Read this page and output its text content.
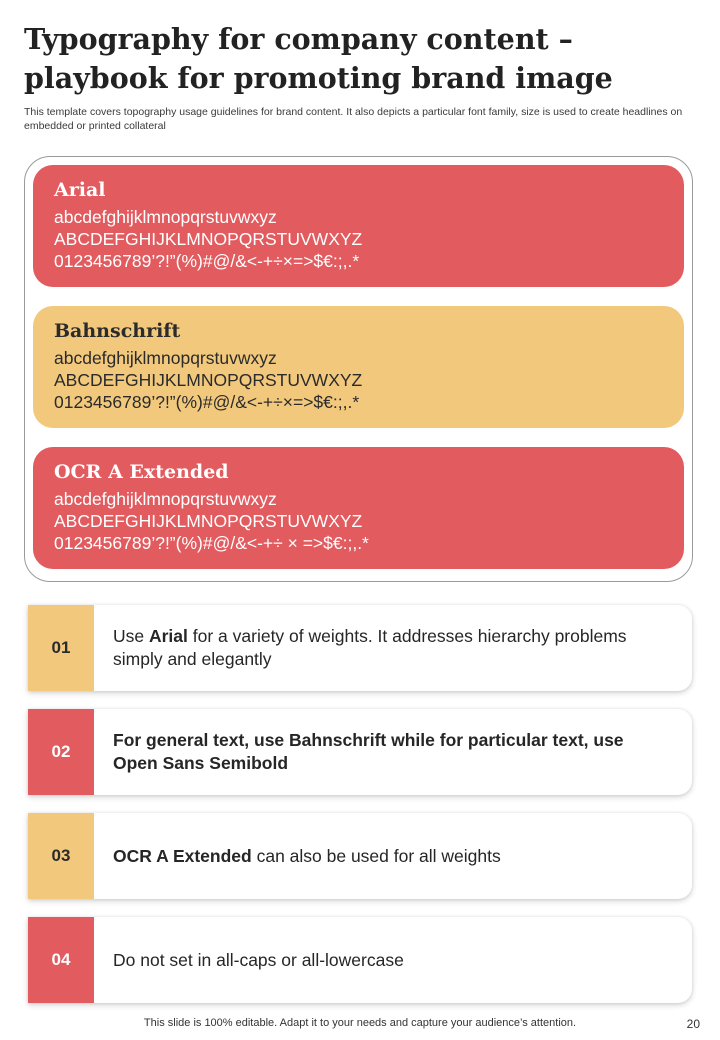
Typography for company content –playbook for promoting brand image

This template covers topography usage guidelines for brand content. It also depicts a particular font family, size is used to create headlines on embedded or printed collateral

Arial
abcdefghijklmnopqrstuvwxyz
ABCDEFGHIJKLMNOPQRSTUVWXYZ
0123456789’?!”(%)#@/&<-+÷×=>$€:;,.*
Bahnschrift
abcdefghijklmnopqrstuvwxyz
ABCDEFGHIJKLMNOPQRSTUVWXYZ
0123456789’?!”(%)#@/&<-+÷×=>$€:;,.*
OCR A Extended
abcdefghijklmnopqrstuvwxyz
ABCDEFGHIJKLMNOPQRSTUVWXYZ
0123456789’?!”(%)#@/&<-+÷ × =>$€:;,.*
01
Use Arial for a variety of weights. It addresses hierarchy problems simply and elegantly
02
For general text, use Bahnschrift while for particular text, use Open Sans Semibold
03	OCR A Extended can also be used for all weights
04	Do not set in all-caps or all-lowercase
This slide is 100% editable. Adapt it to your needs and capture your audience’s attention.	20
